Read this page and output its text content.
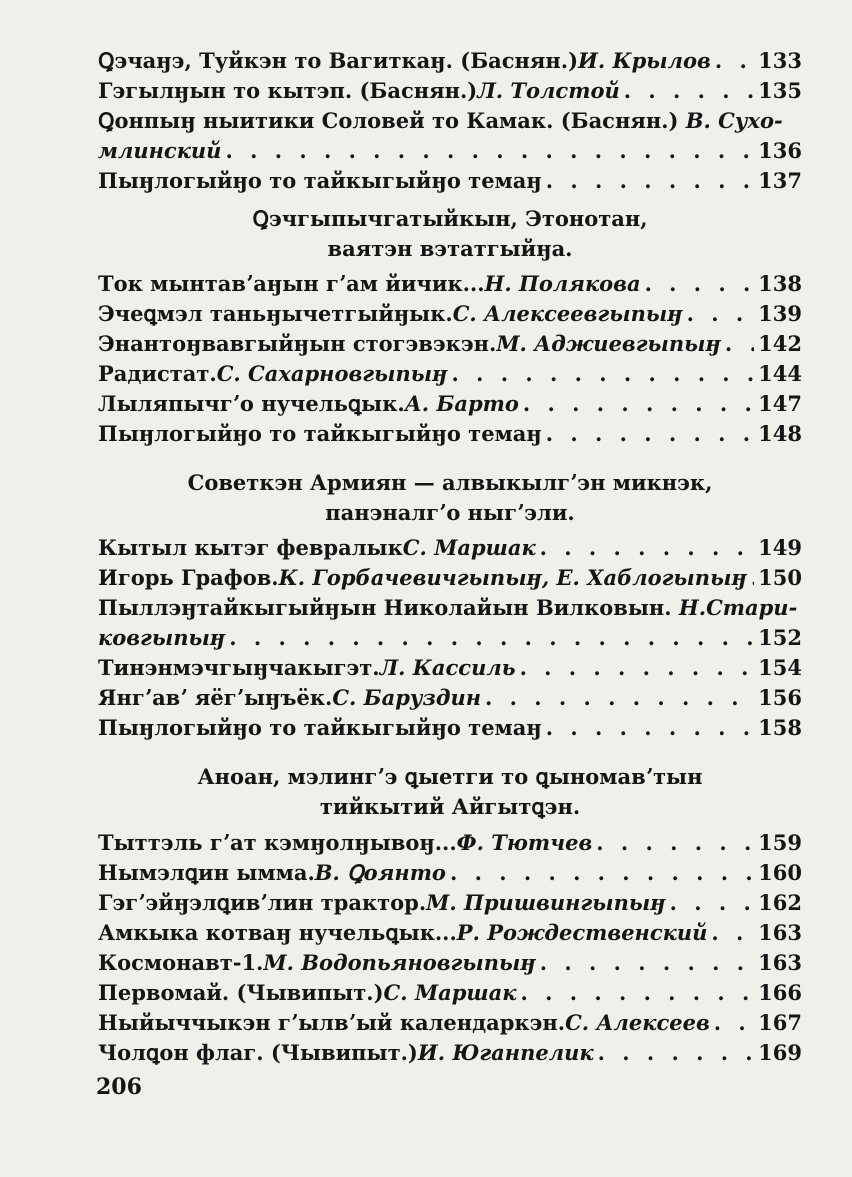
Ꝗэчаӈэ, Туйкэн то Вагиткаӈ. (Баснян.) И. Крылов . . . 133
Гэгылӈын то кытэп. (Баснян.) Л. Толстой . . .	135
Ꝗонпыӈ ныитики Соловей то Камак. (Баснян.) В. Сухо-
млинский . . .	136
Пыӈлогыйӈо то тайкыгыйӈо темаӈ . . .	137
Ꝗэчгыпычгатыйкын, Этонотан,
ваятэн вэтатгыйӈа.
Ток мынтавʼаӈын гʼам йичик... Н. Полякова . . .	138
Эчеꝗмэл таньӈычетгыйӈык. С. Алексеевгыпыӈ . . .	139
Энантоӈвавгыйӈын стогэвэкэн. М. Аджиевгыпыӈ . . . 142
Радистат. С. Сахарновгыпыӈ . . .	144
Лыляпычгʼо нучельꝗык. А. Барто . . .	147
Пыӈлогыйӈо то тайкыгыйӈо темаӈ . . .	148
Советкэн Армиян — алвыкылгʼэн микнэк,
панэналгʼо ныгʼэли.
Кытыл кытэг февралык С. Маршак . . .	149
Игорь Графов. К. Горбачевичгыпыӈ, Е. Хаблогыпыӈ . . . 150
Пыллэӈтайкыгыйӈын Николайын Вилковын. Н.Стари-
ковгыпыӈ . . .	152
Тинэнмэчгыӈчакыгэт. Л. Кассиль . . .	154
Янгʼавʼ яёгʼыӈъёк. С. Баруздин . . .	156
Пыӈлогыйӈо то тайкыгыйӈо темаӈ . . .	158
Аноан, мэлингʼэ ꝗыетги то ꝗыномавʼтын
тийкытий Айгытꝗэн.
Тыттэль гʼат кэмӈолӈывоӈ... Ф. Тютчев . . .	159
Нымэлꝗин ымма. В. Ꝗоянто . . .	160
Гэгʼэйӈэлꝗивʼлин трактор. М. Пришвингыпыӈ . . .	162
Амкыка котваӈ нучельꝗык... Р. Рождественский . . . 163
Космонавт-1. М. Водопьяновгыпыӈ . . .	163
Первомай. (Чывипыт.) С. Маршак . . .	166
Ныйыччыкэн гʼылвʼый календаркэн. С. Алексеев . . . 167
Чолꝗон флаг. (Чывипыт.) И. Юганпелик . . .	169
206
